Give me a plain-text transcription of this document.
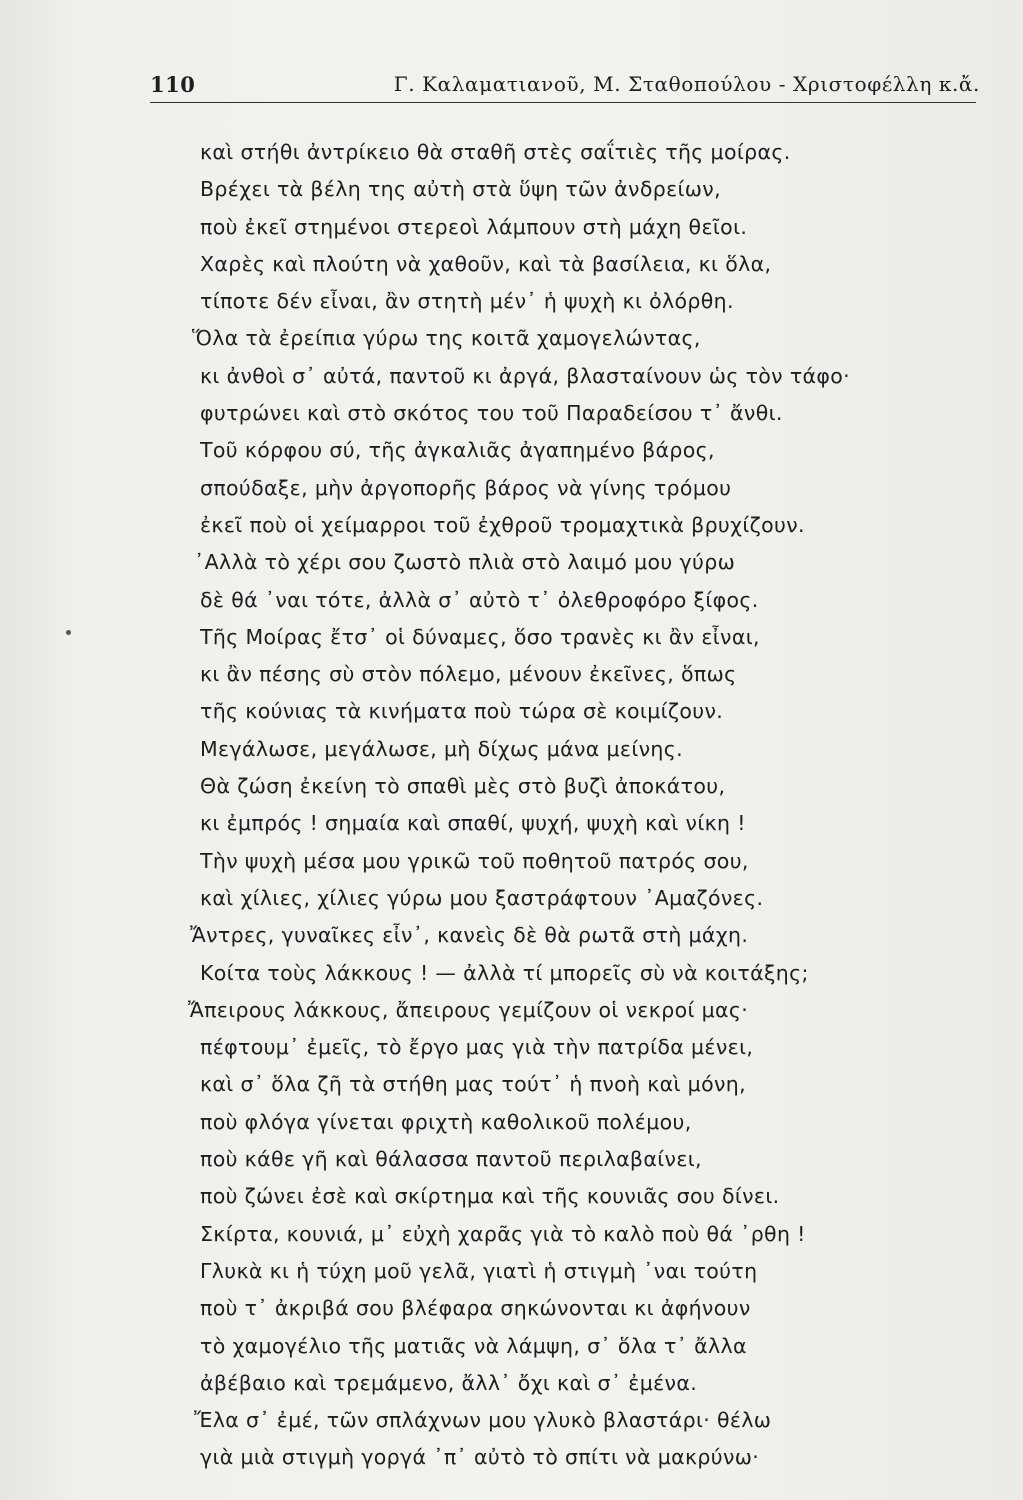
110	Γ. Καλαματιανοῦ, Μ. Σταθοπούλου - Χριστοφέλλη κ.ἄ.
καὶ στήθι ἀντρίκειο θὰ σταθῆ στὲς σαΐτιὲς τῆς μοίρας.
Βρέχει τὰ βέλη της αὐτὴ στὰ ὕψη τῶν ἀνδρείων,
ποὺ ἐκεῖ στημένοι στερεοὶ λάμπουν στὴ μάχη θεῖοι.
Χαρὲς καὶ πλούτη νὰ χαθοῦν, καὶ τὰ βασίλεια, κι ὅλα,
τίποτε δέν εἶναι, ἂν στητὴ μέν᾽ ἡ ψυχὴ κι ὀλόρθη.
Ὅλα τὰ ἐρείπια γύρω της κοιτᾶ χαμογελώντας,
κι ἀνθοὶ σ᾽ αὐτά, παντοῦ κι ἀργά, βλασταίνουν ὡς τὸν τάφο·
φυτρώνει καὶ στὸ σκότος του τοῦ Παραδείσου τ᾽ ἄνθι.
Τοῦ κόρφου σύ, τῆς ἀγκαλιᾶς ἀγαπημένο βάρος,
σπούδαξε, μὴν ἀργοπορῆς βάρος νὰ γίνης τρόμου
ἐκεῖ ποὺ οἱ χείμαρροι τοῦ ἐχθροῦ τρομαχτικὰ βρυχίζουν.
᾿Αλλὰ τὸ χέρι σου ζωστὸ πλιὰ στὸ λαιμό μου γύρω
δὲ θά ᾽ναι τότε, ἀλλὰ σ᾽ αὐτὸ τ᾽ ὀλεθροφόρο ξίφος.
Τῆς Μοίρας ἔτσ᾽ οἱ δύναμες, ὅσο τρανὲς κι ἂν εἶναι,
κι ἂν πέσης σὺ στὸν πόλεμο, μένουν ἐκεῖνες, ὅπως
τῆς κούνιας τὰ κινήματα ποὺ τώρα σὲ κοιμίζουν.
Μεγάλωσε, μεγάλωσε, μὴ δίχως μάνα μείνης.
Θὰ ζώση ἐκείνη τὸ σπαθὶ μὲς στὸ βυζὶ ἀποκάτου,
κι ἐμπρός ! σημαία καὶ σπαθί, ψυχή, ψυχὴ καὶ νίκη !
Τὴν ψυχὴ μέσα μου γρικῶ τοῦ ποθητοῦ πατρός σου,
καὶ χίλιες, χίλιες γύρω μου ξαστράφτουν ᾽Αμαζόνες.
Ἄντρες, γυναῖκες εἶν᾽, κανεὶς δὲ θὰ ρωτᾶ στὴ μάχη.
Κοίτα τοὺς λάκκους ! — ἀλλὰ τί μπορεῖς σὺ νὰ κοιτάξης;
Ἄπειρους λάκκους, ἄπειρους γεμίζουν οἱ νεκροί μας·
πέφτουμ᾽ ἐμεῖς, τὸ ἔργο μας γιὰ τὴν πατρίδα μένει,
καὶ σ᾽ ὅλα ζῆ τὰ στήθη μας τούτ᾽ ἡ πνοὴ καὶ μόνη,
ποὺ φλόγα γίνεται φριχτὴ καθολικοῦ πολέμου,
ποὺ κάθε γῆ καὶ θάλασσα παντοῦ περιλαβαίνει,
ποὺ ζώνει ἐσὲ καὶ σκίρτημα καὶ τῆς κουνιᾶς σου δίνει.
Σκίρτα, κουνιά, μ᾽ εὐχὴ χαρᾶς γιὰ τὸ καλὸ ποὺ θά ᾽ρθη !
Γλυκὰ κι ἡ τύχη μοῦ γελᾶ, γιατὶ ἡ στιγμὴ ᾽ναι τούτη
ποὺ τ᾽ ἀκριβά σου βλέφαρα σηκώνονται κι ἀφήνουν
τὸ χαμογέλιο τῆς ματιᾶς νὰ λάμψη, σ᾽ ὅλα τ᾽ ἄλλα
ἀβέβαιο καὶ τρεμάμενο, ἄλλ᾽ ὄχι καὶ σ᾽ ἐμένα.
Ἔλα σ᾽ ἐμέ, τῶν σπλάχνων μου γλυκὸ βλαστάρι· θέλω
γιὰ μιὰ στιγμὴ γοργά ᾽π᾽ αὐτὸ τὸ σπίτι νὰ μακρύνω·
